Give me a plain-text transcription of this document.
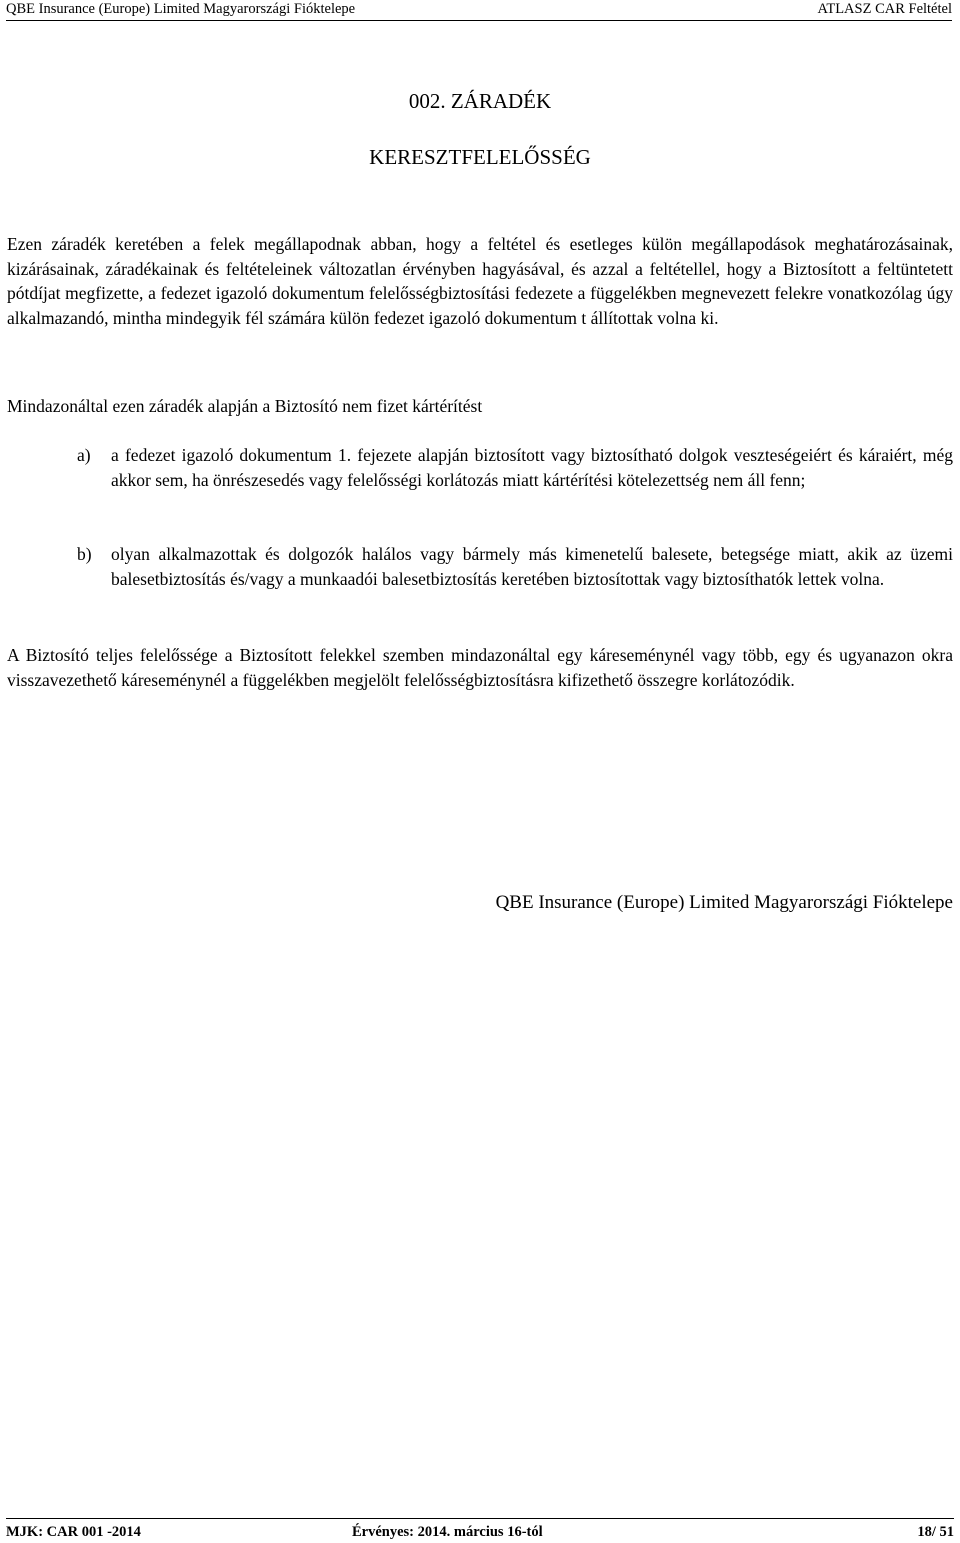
QBE Insurance (Europe) Limited Magyarországi Fióktelepe	ATLASZ CAR Feltétel
002. ZÁRADÉK
KERESZTFELELŐSSÉG
Ezen záradék keretében a felek megállapodnak abban, hogy a feltétel és esetleges külön megállapodások meghatározásainak, kizárásainak, záradékainak és feltételeinek változatlan érvényben hagyásával, és azzal a feltétellel, hogy a Biztosított a feltüntetett pótdíjat megfizette, a fedezet igazoló dokumentum felelősségbiztosítási fedezete a függelékben megnevezett felekre vonatkozólag úgy alkalmazandó, mintha mindegyik fél számára külön fedezet igazoló dokumentum t állítottak volna ki.
Mindazonáltal ezen záradék alapján a Biztosító nem fizet kártérítést
a) a fedezet igazoló dokumentum 1. fejezete alapján biztosított vagy biztosítható dolgok veszteségeiért és káraiért, még akkor sem, ha önrészesedés vagy felelősségi korlátozás miatt kártérítési kötelezettség nem áll fenn;
b) olyan alkalmazottak és dolgozók halálos vagy bármely más kimenetelű balesete, betegsége miatt, akik az üzemi balesetbiztosítás és/vagy a munkaadói balesetbiztosítás keretében biztosítottak vagy biztosíthatók lettek volna.
A Biztosító teljes felelőssége a Biztosított felekkel szemben mindazonáltal egy káreseménynél vagy több, egy és ugyanazon okra visszavezethető káreseménynél a függelékben megjelölt felelősségbiztosításra kifizethető összegre korlátozódik.
QBE Insurance (Europe) Limited Magyarországi Fióktelepe
MJK: CAR 001 -2014	Érvényes: 2014. március 16-tól	18/ 51
